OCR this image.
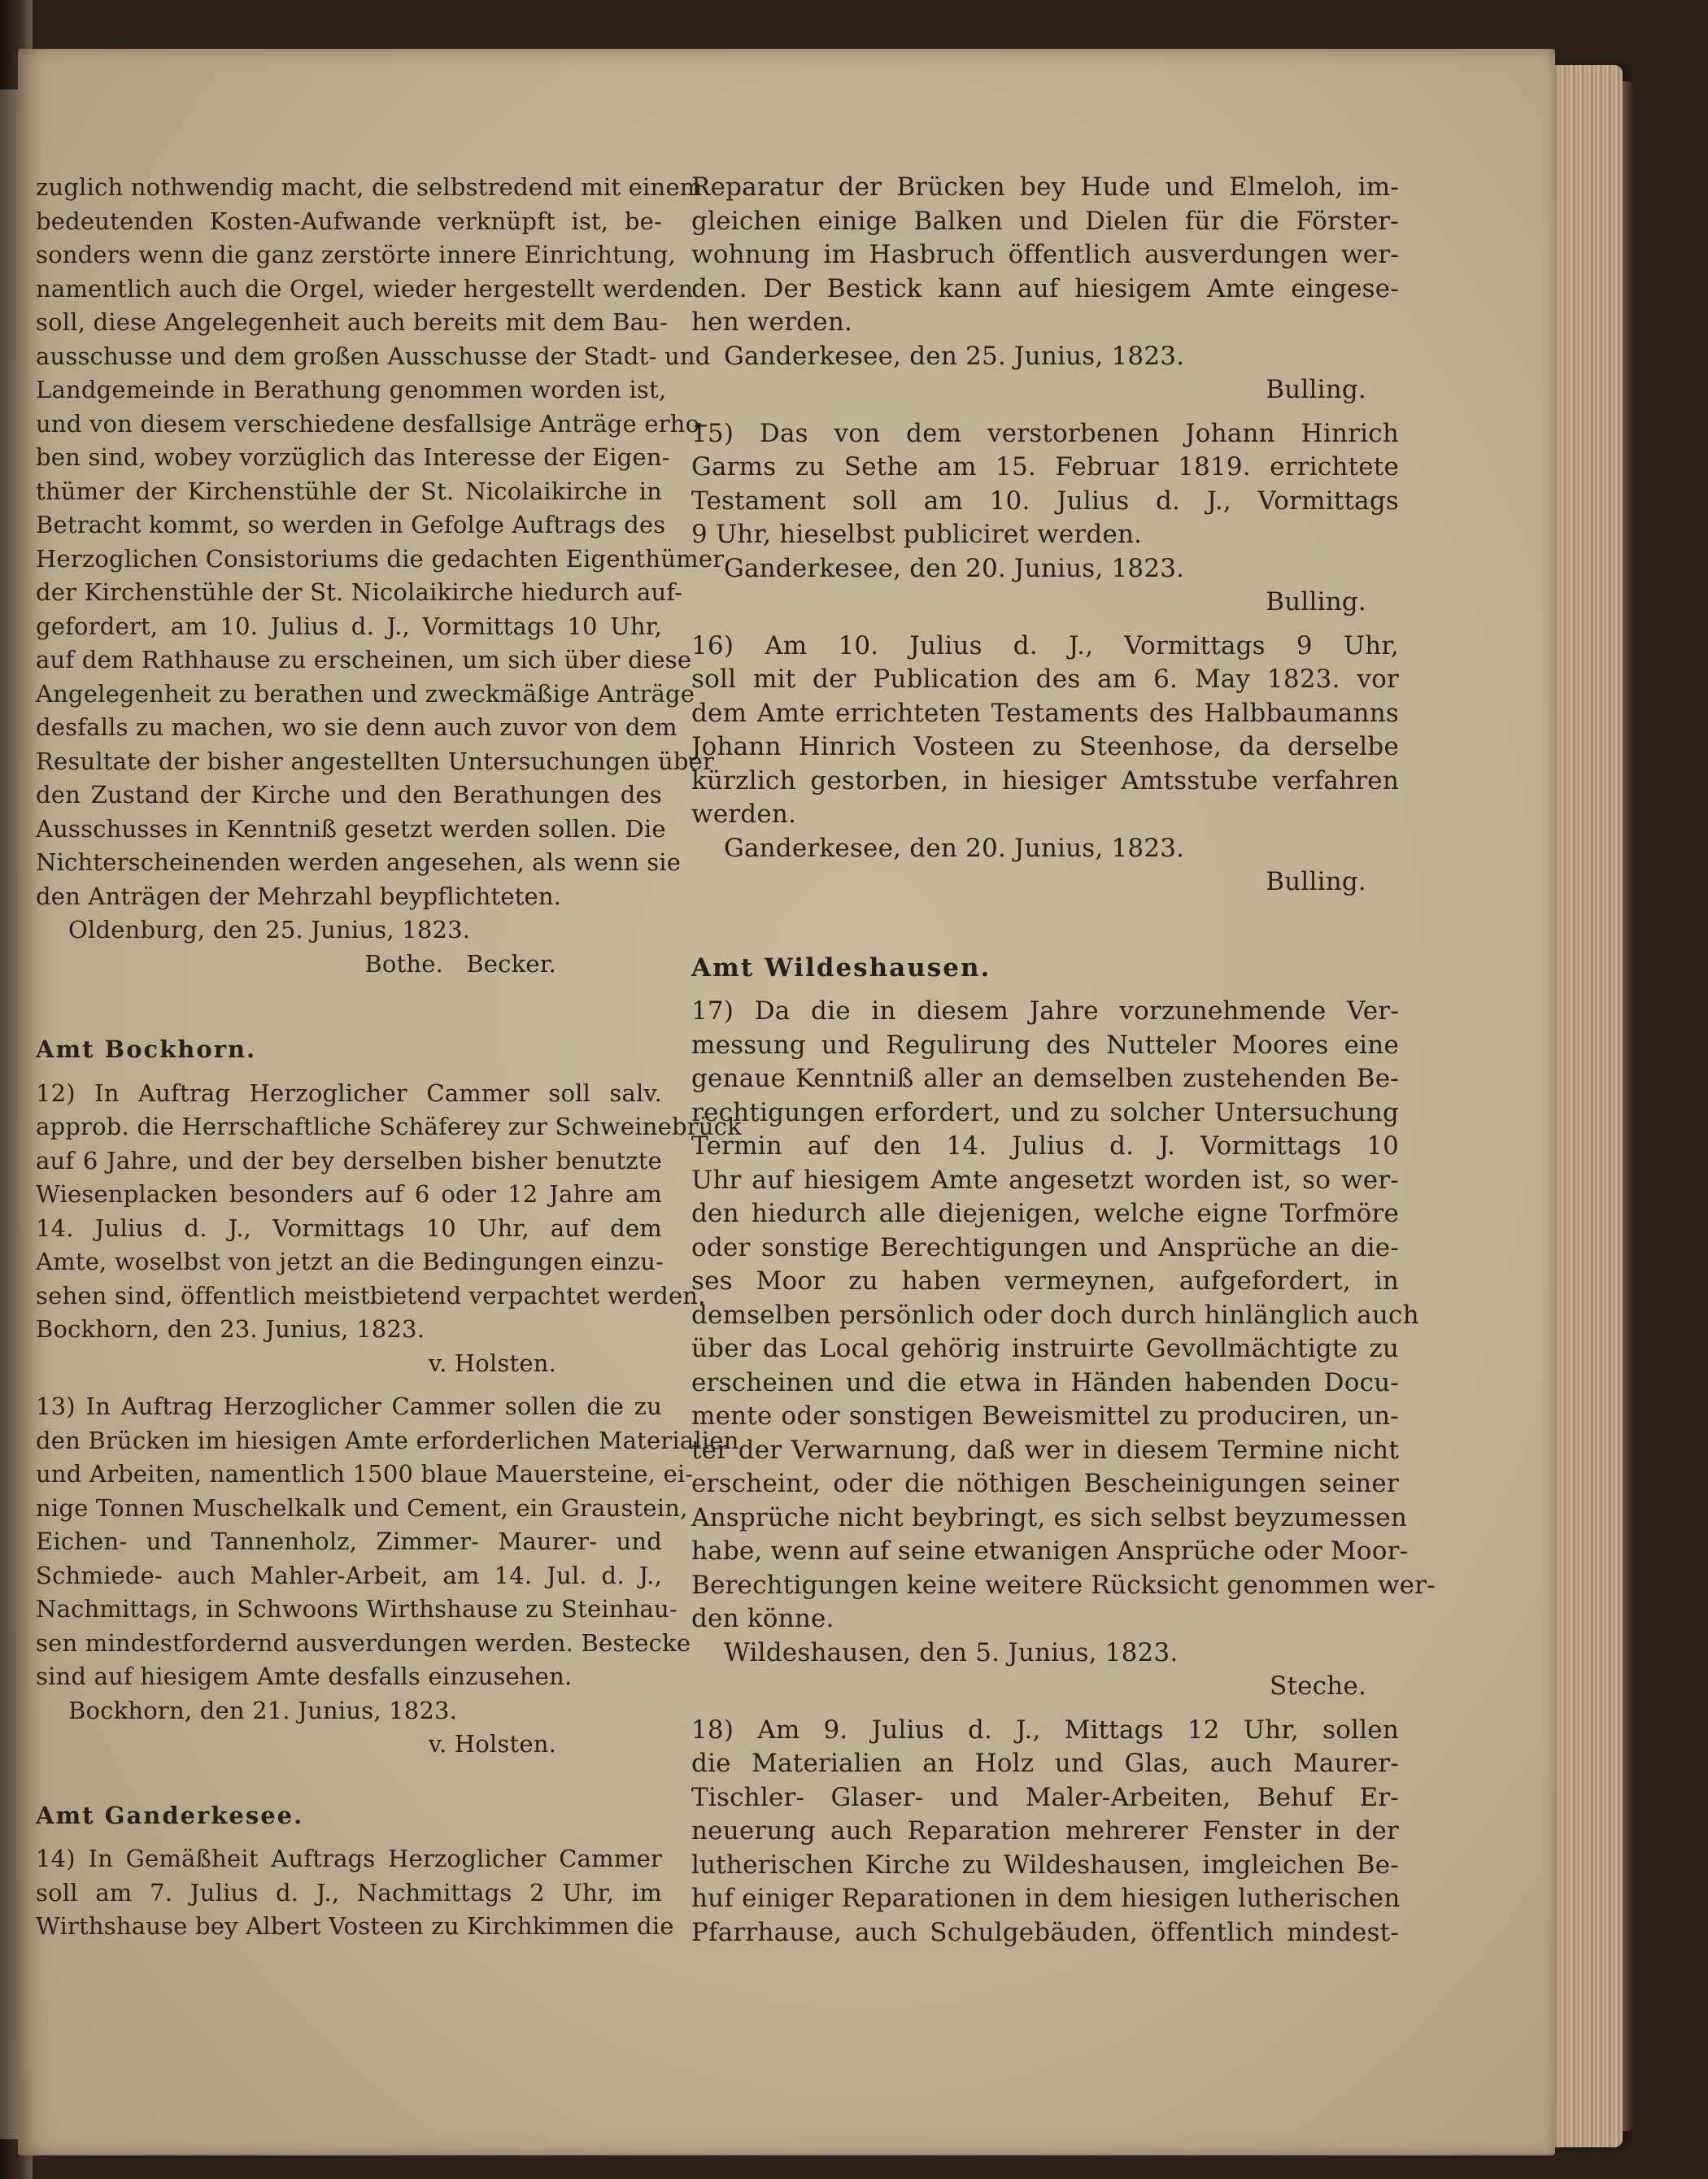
zuglich nothwendig macht, die selbstredend mit einem
bedeutenden Kosten-Aufwande verknüpft ist, be-
sonders wenn die ganz zerstörte innere Einrichtung,
namentlich auch die Orgel, wieder hergestellt werden
soll, diese Angelegenheit auch bereits mit dem Bau-
ausschusse und dem großen Ausschusse der Stadt- und
Landgemeinde in Berathung genommen worden ist,
und von diesem verschiedene desfallsige Anträge erho-
ben sind, wobey vorzüglich das Interesse der Eigen-
thümer der Kirchenstühle der St. Nicolaikirche in
Betracht kommt, so werden in Gefolge Auftrags des
Herzoglichen Consistoriums die gedachten Eigenthümer
der Kirchenstühle der St. Nicolaikirche hiedurch auf-
gefordert, am 10. Julius d. J., Vormittags 10 Uhr,
auf dem Rathhause zu erscheinen, um sich über diese
Angelegenheit zu berathen und zweckmäßige Anträge
desfalls zu machen, wo sie denn auch zuvor von dem
Resultate der bisher angestellten Untersuchungen über
den Zustand der Kirche und den Berathungen des
Ausschusses in Kenntniß gesetzt werden sollen. Die
Nichterscheinenden werden angesehen, als wenn sie
den Anträgen der Mehrzahl beypflichteten.
Oldenburg, den 25. Junius, 1823.
Bothe.   Becker.
Amt Bockhorn.
12) In Auftrag Herzoglicher Cammer soll salv.
approb. die Herrschaftliche Schäferey zur Schweinebrück
auf 6 Jahre, und der bey derselben bisher benutzte
Wiesenplacken besonders auf 6 oder 12 Jahre am
14. Julius d. J., Vormittags 10 Uhr, auf dem
Amte, woselbst von jetzt an die Bedingungen einzu-
sehen sind, öffentlich meistbietend verpachtet werden.
Bockhorn, den 23. Junius, 1823.
v. Holsten.
13) In Auftrag Herzoglicher Cammer sollen die zu
den Brücken im hiesigen Amte erforderlichen Materialien
und Arbeiten, namentlich 1500 blaue Mauersteine, ei-
nige Tonnen Muschelkalk und Cement, ein Graustein,
Eichen- und Tannenholz, Zimmer- Maurer- und
Schmiede- auch Mahler-Arbeit, am 14. Jul. d. J.,
Nachmittags, in Schwoons Wirthshause zu Steinhau-
sen mindestfordernd ausverdungen werden. Bestecke
sind auf hiesigem Amte desfalls einzusehen.
Bockhorn, den 21. Junius, 1823.
v. Holsten.
Amt Ganderkesee.
14) In Gemäßheit Auftrags Herzoglicher Cammer
soll am 7. Julius d. J., Nachmittags 2 Uhr, im
Wirthshause bey Albert Vosteen zu Kirchkimmen die
Reparatur der Brücken bey Hude und Elmeloh, im-
gleichen einige Balken und Dielen für die Förster-
wohnung im Hasbruch öffentlich ausverdungen wer-
den. Der Bestick kann auf hiesigem Amte eingese-
hen werden.
Ganderkesee, den 25. Junius, 1823.
Bulling.
15) Das von dem verstorbenen Johann Hinrich
Garms zu Sethe am 15. Februar 1819. errichtete
Testament soll am 10. Julius d. J., Vormittags
9 Uhr, hieselbst publiciret werden.
Ganderkesee, den 20. Junius, 1823.
Bulling.
16) Am 10. Julius d. J., Vormittags 9 Uhr,
soll mit der Publication des am 6. May 1823. vor
dem Amte errichteten Testaments des Halbbaumanns
Johann Hinrich Vosteen zu Steenhose, da derselbe
kürzlich gestorben, in hiesiger Amtsstube verfahren
werden.
Ganderkesee, den 20. Junius, 1823.
Bulling.
Amt Wildeshausen.
17) Da die in diesem Jahre vorzunehmende Ver-
messung und Regulirung des Nutteler Moores eine
genaue Kenntniß aller an demselben zustehenden Be-
rechtigungen erfordert, und zu solcher Untersuchung
Termin auf den 14. Julius d. J. Vormittags 10
Uhr auf hiesigem Amte angesetzt worden ist, so wer-
den hiedurch alle diejenigen, welche eigne Torfmöre
oder sonstige Berechtigungen und Ansprüche an die-
ses Moor zu haben vermeynen, aufgefordert, in
demselben persönlich oder doch durch hinlänglich auch
über das Local gehörig instruirte Gevollmächtigte zu
erscheinen und die etwa in Händen habenden Docu-
mente oder sonstigen Beweismittel zu produciren, un-
ter der Verwarnung, daß wer in diesem Termine nicht
erscheint, oder die nöthigen Bescheinigungen seiner
Ansprüche nicht beybringt, es sich selbst beyzumessen
habe, wenn auf seine etwanigen Ansprüche oder Moor-
Berechtigungen keine weitere Rücksicht genommen wer-
den könne.
Wildeshausen, den 5. Junius, 1823.
Steche.
18) Am 9. Julius d. J., Mittags 12 Uhr, sollen
die Materialien an Holz und Glas, auch Maurer-
Tischler- Glaser- und Maler-Arbeiten, Behuf Er-
neuerung auch Reparation mehrerer Fenster in der
lutherischen Kirche zu Wildeshausen, imgleichen Be-
huf einiger Reparationen in dem hiesigen lutherischen
Pfarrhause, auch Schulgebäuden, öffentlich mindest-
